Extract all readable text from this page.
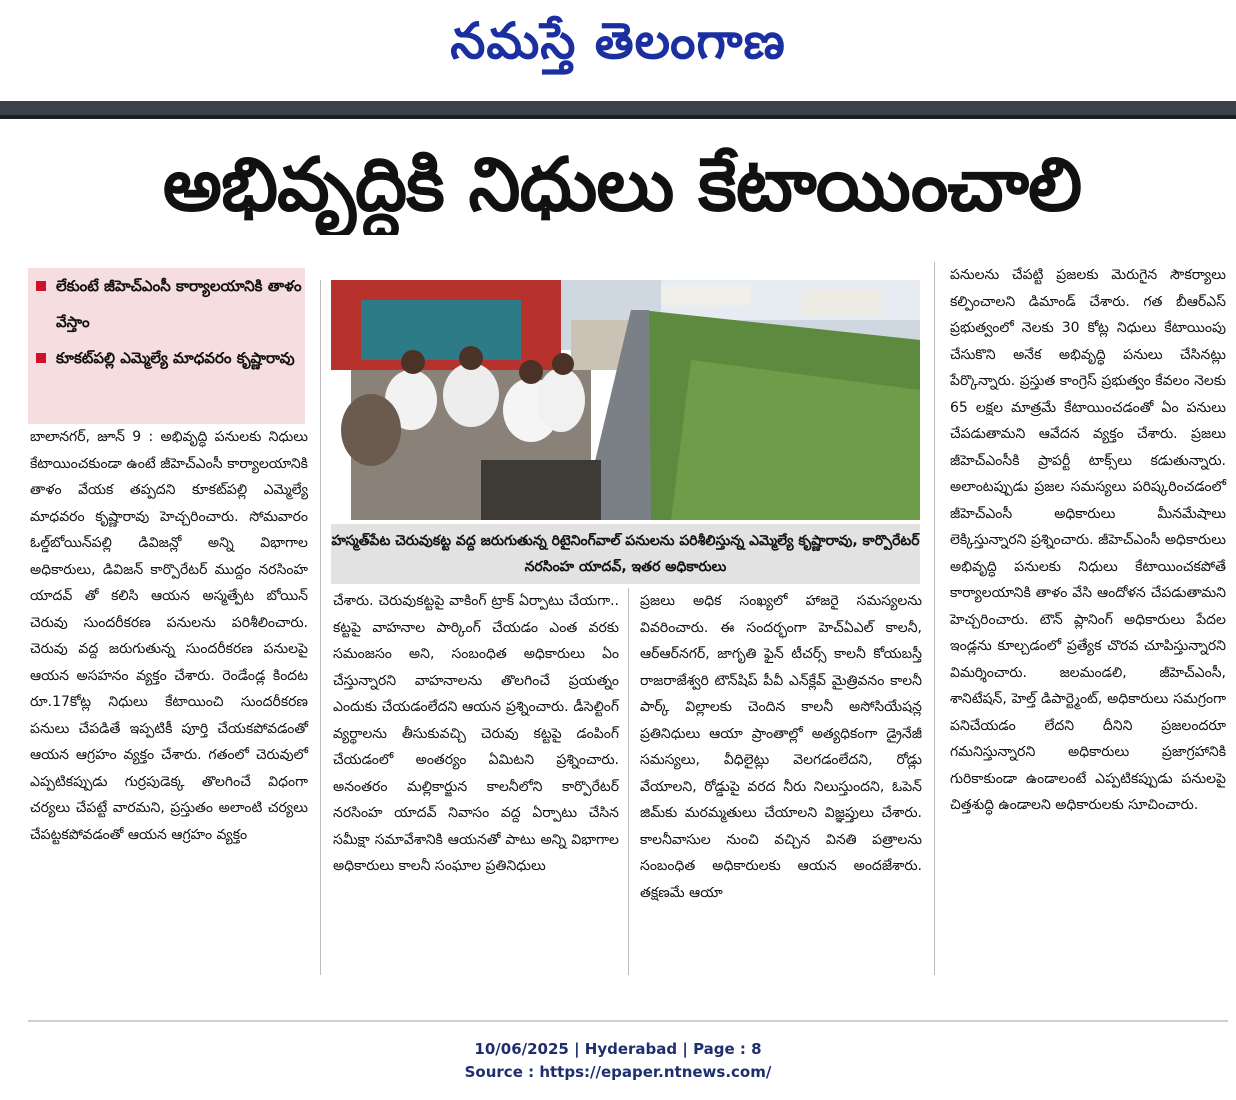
నమస్తే తెలంగాణ
అభివృద్ధికి నిధులు కేటాయించాలి
లేకుంటే జీహెచ్ఎంసీ కార్యాలయానికి తాళం వేస్తాం
కూకట్‌పల్లి ఎమ్మెల్యే మాధవరం కృష్ణారావు
హస్మత్‌పేట చెరువుకట్ట వద్ద జరుగుతున్న రిటైనింగ్‌వాల్ పనులను పరిశీలిస్తున్న ఎమ్మెల్యే కృష్ణారావు, కార్పొరేటర్ నరసింహ యాదవ్, ఇతర అధికారులు

బాలానగర్, జూన్ 9 : అభివృద్ధి పనులకు నిధులు కేటాయించకుండా ఉంటే జీహెచ్ఎంసీ కార్యాలయానికి తాళం వేయక తప్పదని కూకట్‌పల్లి ఎమ్మెల్యే మాధవరం కృష్ణారావు హెచ్చరించారు. సోమవారం ఓల్డ్‌బోయిన్‌పల్లి డివిజన్లో అన్ని విభాగాల అధికారులు, డివిజన్ కార్పొరేటర్ ముద్దం నరసింహ యాదవ్ తో కలిసి ఆయన అస్మత్పేట బోయిన్ చెరువు సుందరీకరణ పనులను పరిశీలించారు. చెరువు వద్ద జరుగుతున్న సుందరీకరణ పనులపై ఆయన అసహనం వ్యక్తం చేశారు. రెండేండ్ల కిందట రూ.17కోట్ల నిధులు కేటాయించి సుందరీకరణ పనులు చేపడితే ఇప్పటికీ పూర్తి చేయకపోవడంతో ఆయన ఆగ్రహం వ్యక్తం చేశారు. గతంలో చెరువులో ఎప్పటికప్పుడు గుర్రపుడెక్క తొలగించే విధంగా చర్యలు చేపట్టే వారమని, ప్రస్తుతం అలాంటి చర్యలు చేపట్టకపోవడంతో ఆయన ఆగ్రహం వ్యక్తం

చేశారు. చెరువుకట్టపై వాకింగ్ ట్రాక్ ఏర్పాటు చేయగా.. కట్టపై వాహనాల పార్కింగ్ చేయడం ఎంత వరకు సమంజసం అని, సంబంధిత అధికారులు ఏం చేస్తున్నారని వాహనాలను తొలగించే ప్రయత్నం ఎందుకు చేయడంలేదని ఆయన ప్రశ్నించారు. డీసెల్టింగ్ వ్యర్థాలను తీసుకువచ్చి చెరువు కట్టపై డంపింగ్ చేయడంలో అంతర్యం ఏమిటని ప్రశ్నించారు. అనంతరం మల్లికార్జున కాలనీలోని కార్పొరేటర్ నరసింహ యాదవ్ నివాసం వద్ద ఏర్పాటు చేసిన సమీక్షా సమావేశానికి ఆయనతో పాటు అన్ని విభాగాల అధికారులు కాలనీ సంఘాల ప్రతినిధులు

ప్రజలు అధిక సంఖ్యలో హాజరై సమస్యలను వివరించారు. ఈ సందర్భంగా హెచ్ఏఎల్ కాలనీ, ఆర్ఆర్‌నగర్, జాగృతి ఫైన్ టీచర్స్ కాలనీ కోయబస్తీ రాజరాజేశ్వరి టౌన్‌షిప్ పీవీ ఎన్‌క్లేవ్ మైత్రివనం కాలనీ పార్క్ విల్లాలకు చెందిన కాలనీ అసోసియేషన్ల ప్రతినిధులు ఆయా ప్రాంతాల్లో అత్యధికంగా డ్రైనేజీ సమస్యలు, వీధిలైట్లు వెలగడంలేదని, రోడ్లు వేయాలని, రోడ్డుపై వరద నీరు నిలుస్తుందని, ఓపెన్ జిమ్‌కు మరమ్మతులు చేయాలని విజ్ఞప్తులు చేశారు. కాలనీవాసుల నుంచి వచ్చిన వినతి పత్రాలను సంబంధిత అధికారులకు ఆయన అందజేశారు. తక్షణమే ఆయా

పనులను చేపట్టి ప్రజలకు మెరుగైన సౌకర్యాలు కల్పించాలని డిమాండ్ చేశారు. గత బీఆర్ఎస్ ప్రభుత్వంలో నెలకు 30 కోట్ల నిధులు కేటాయింపు చేసుకొని అనేక అభివృద్ధి పనులు చేసినట్లు పేర్కొన్నారు. ప్రస్తుత కాంగ్రెస్ ప్రభుత్వం కేవలం నెలకు 65 లక్షల మాత్రమే కేటాయించడంతో ఏం పనులు చేపడుతామని ఆవేదన వ్యక్తం చేశారు. ప్రజలు జీహెచ్ఎంసీకి ప్రాపర్టీ టాక్స్‌లు కడుతున్నారు. అలాంటప్పుడు ప్రజల సమస్యలు పరిష్కరించడంలో జీహెచ్ఎంసీ అధికారులు మీనమేషాలు లెక్కిస్తున్నారని ప్రశ్నించారు. జీహెచ్ఎంసీ అధికారులు అభివృద్ధి పనులకు నిధులు కేటాయించకపోతే కార్యాలయానికి తాళం వేసి ఆందోళన చేపడుతామని హెచ్చరించారు. టౌన్ ప్లానింగ్ అధికారులు పేదల ఇండ్లను కూల్చడంలో ప్రత్యేక చొరవ చూపిస్తున్నారని విమర్శించారు. జలమండలి, జీహెచ్ఎంసీ, శానిటేషన్, హెల్త్ డిపార్ట్మెంట్, అధికారులు సమగ్రంగా పనిచేయడం లేదని దీనిని ప్రజలందరూ గమనిస్తున్నారని అధికారులు ప్రజాగ్రహానికి గురికాకుండా ఉండాలంటే ఎప్పటికప్పుడు పనులపై చిత్తశుద్ధి ఉండాలని అధికారులకు సూచించారు.

10/06/2025 | Hyderabad | Page : 8
Source : https://epaper.ntnews.com/
